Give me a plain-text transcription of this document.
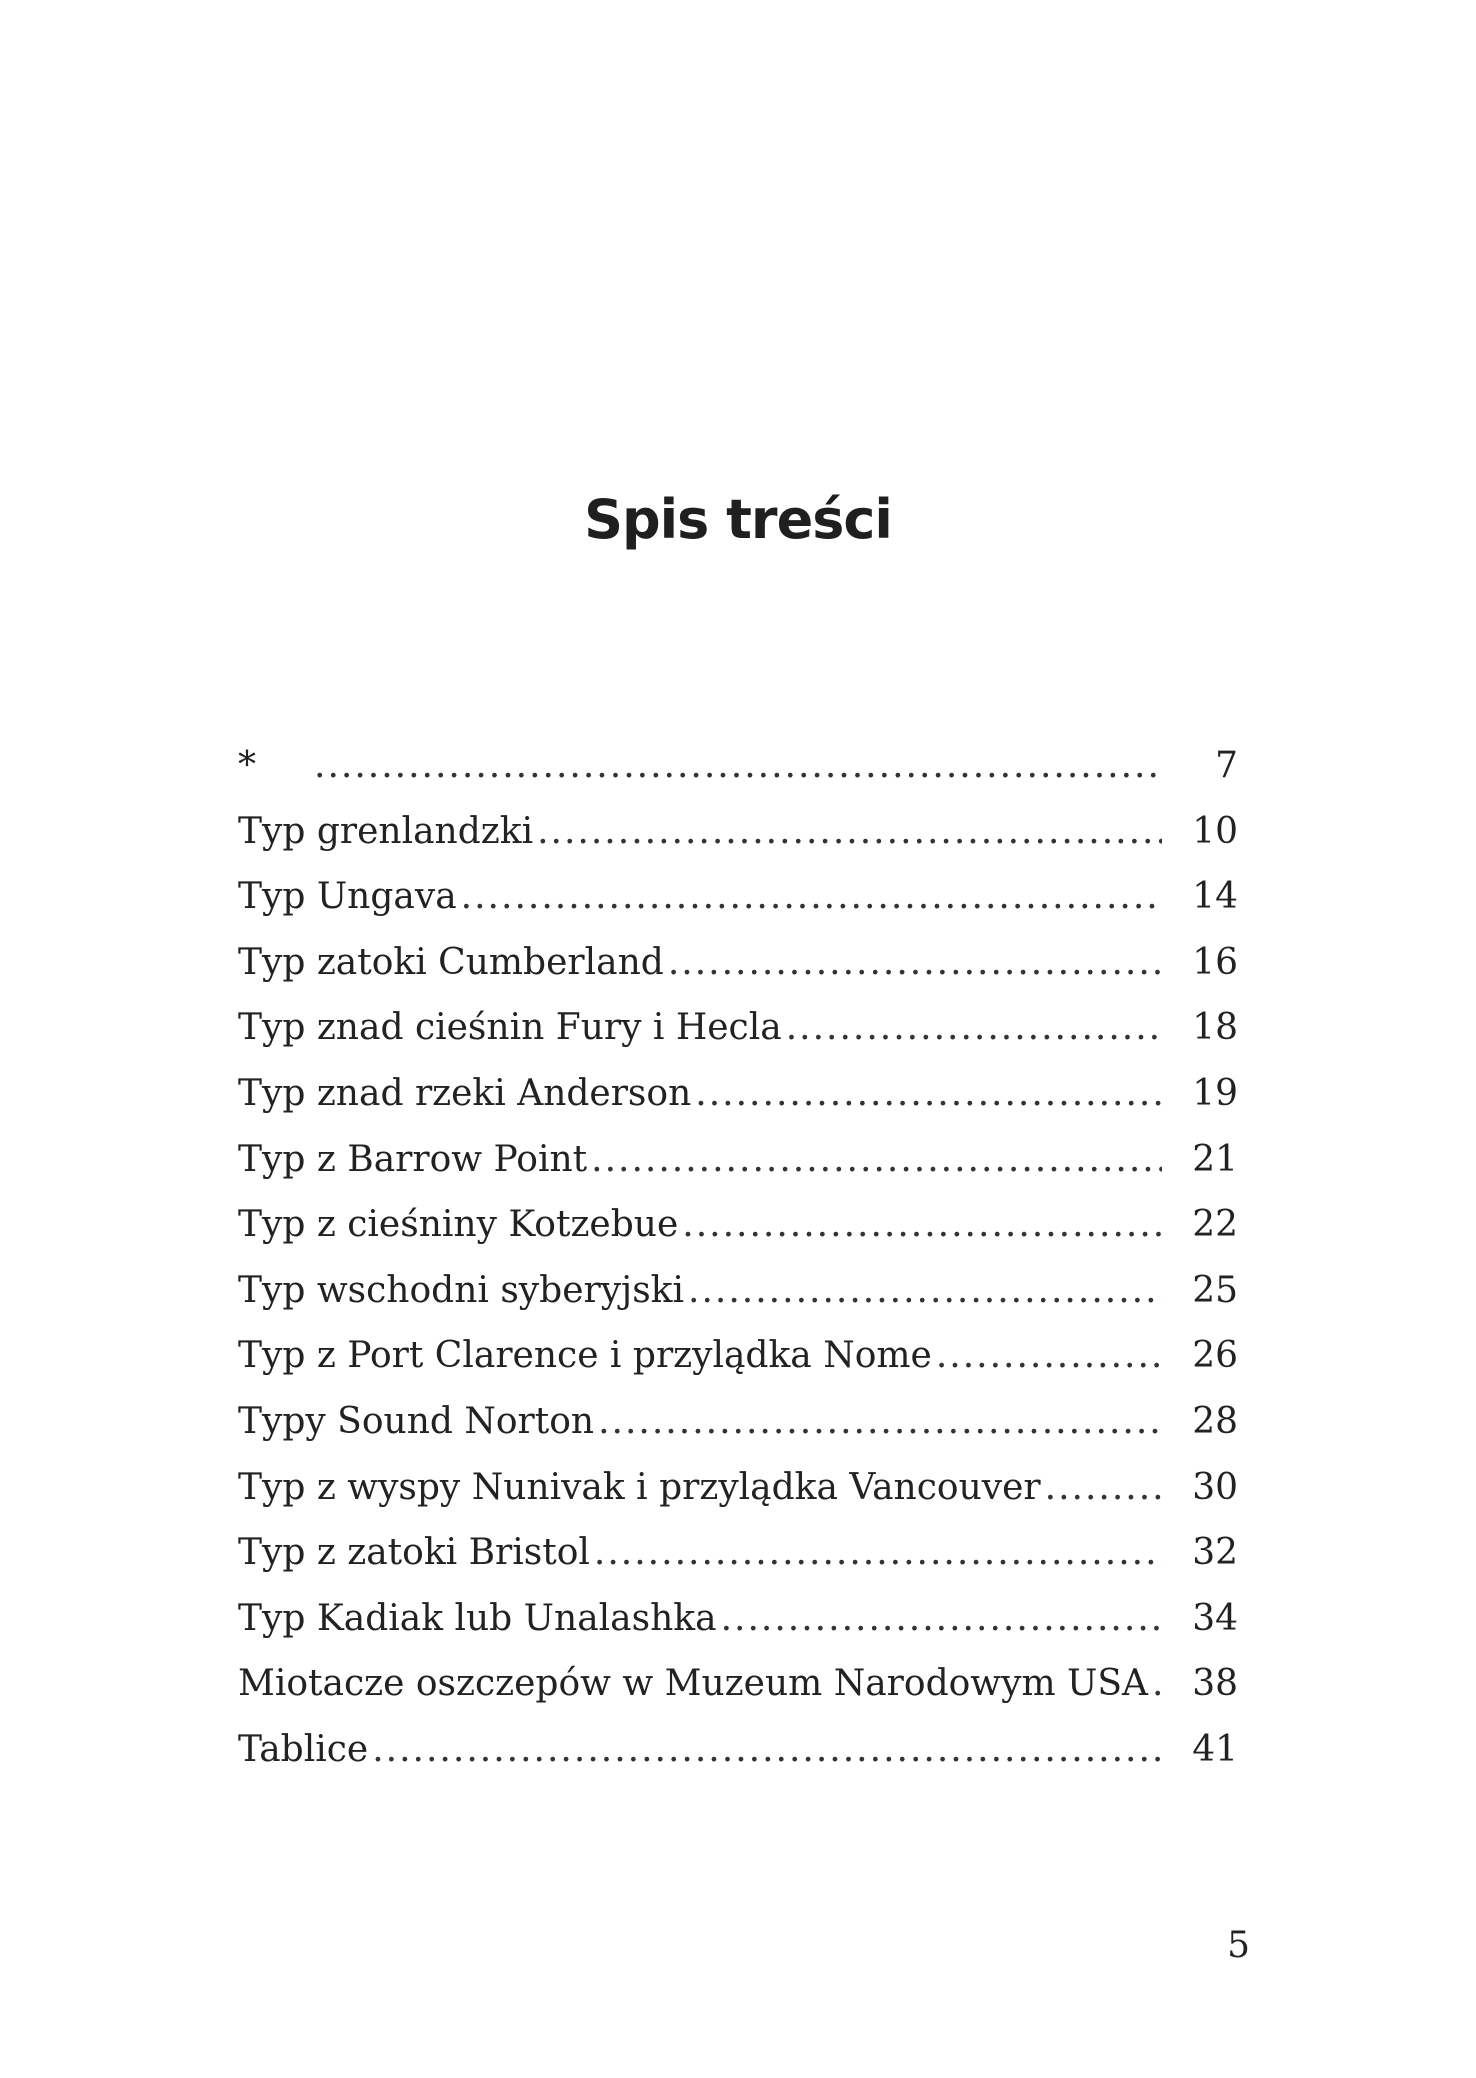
Spis treści
* .....	7
Typ grenlandzki .....	10
Typ Ungava .....	14
Typ zatoki Cumberland .....	16
Typ znad cieśnin Fury i Hecla .....	18
Typ znad rzeki Anderson .....	19
Typ z Barrow Point .....	21
Typ z cieśniny Kotzebue .....	22
Typ wschodni syberyjski .....	25
Typ z Port Clarence i przylądka Nome .....	26
Typy Sound Norton .....	28
Typ z wyspy Nunivak i przylądka Vancouver .....	30
Typ z zatoki Bristol .....	32
Typ Kadiak lub Unalashka .....	34
Miotacze oszczepów w Muzeum Narodowym USA .....	38
Tablice .....	41
5
